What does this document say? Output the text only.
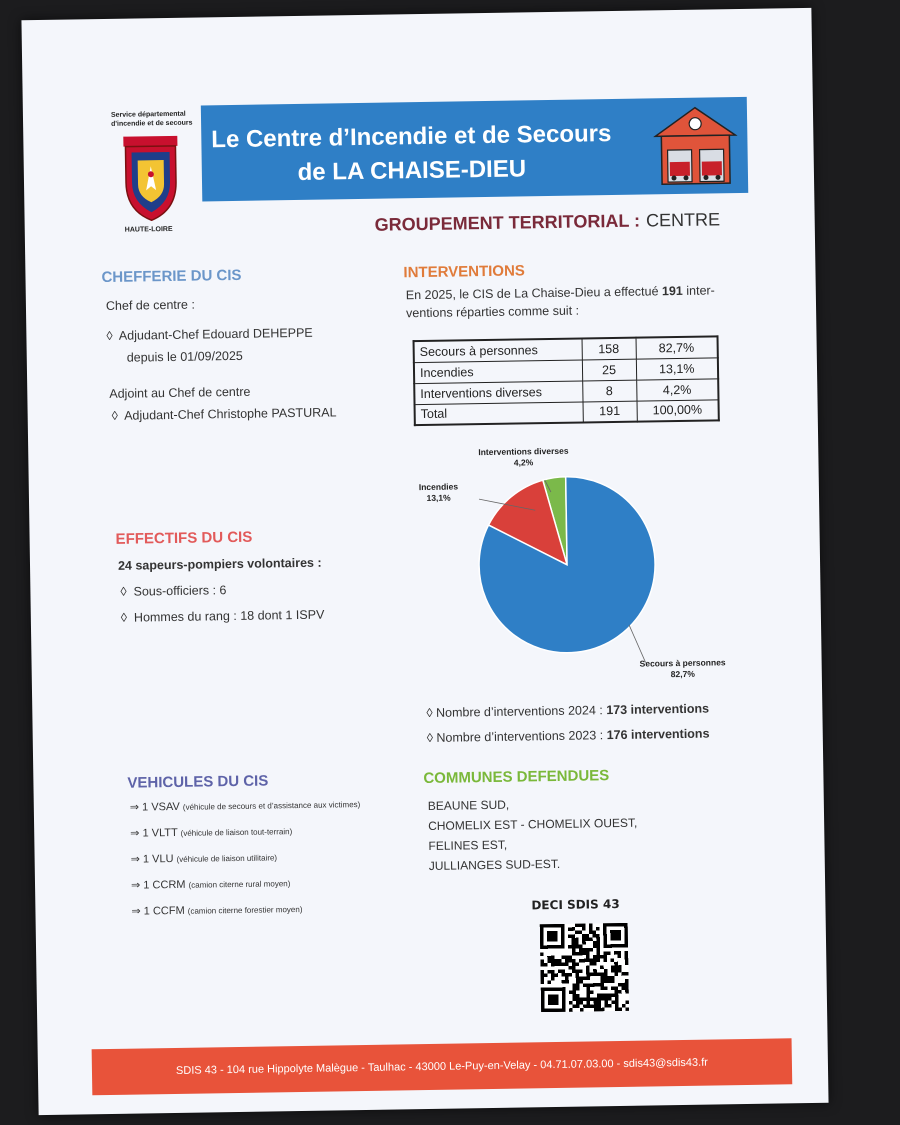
Service départemental
d'incendie et de secours
HAUTE-LOIRE
Le Centre d’Incendie et de Secours
de LA CHAISE-DIEU
GROUPEMENT TERRITORIAL : CENTRE
CHEFFERIE DU CIS
Chef de centre :
◊ Adjudant-Chef Edouard DEHEPPE
depuis le 01/09/2025
Adjoint au Chef de centre
◊ Adjudant-Chef Christophe PASTURAL
INTERVENTIONS
En 2025, le CIS de La Chaise-Dieu a effectué 191 inter-
ventions réparties comme suit :
Secours à personnes	158	82,7%
Incendies	25	13,1%
Interventions diverses	8	4,2%
Total	191	100,00%
Interventions diverses
4,2%
Incendies
13,1%
Secours à personnes
82,7%
◊ Nombre d’interventions 2024 : 173 interventions
◊ Nombre d’interventions 2023 : 176 interventions
EFFECTIFS DU CIS
24 sapeurs-pompiers volontaires :
◊ Sous-officiers : 6
◊ Hommes du rang : 18 dont 1 ISPV
VEHICULES DU CIS
⇒ 1 VSAV (véhicule de secours et d’assistance aux victimes)
⇒ 1 VLTT (véhicule de liaison tout-terrain)
⇒ 1 VLU (véhicule de liaison utilitaire)
⇒ 1 CCRM (camion citerne rural moyen)
⇒ 1 CCFM (camion citerne forestier moyen)
COMMUNES DEFENDUES
BEAUNE SUD,
CHOMELIX EST - CHOMELIX OUEST,
FELINES EST,
JULLIANGES SUD-EST.
DECI SDIS 43
SDIS 43 - 104 rue Hippolyte Malègue - Taulhac - 43000 Le-Puy-en-Velay - 04.71.07.03.00 - sdis43@sdis43.fr
